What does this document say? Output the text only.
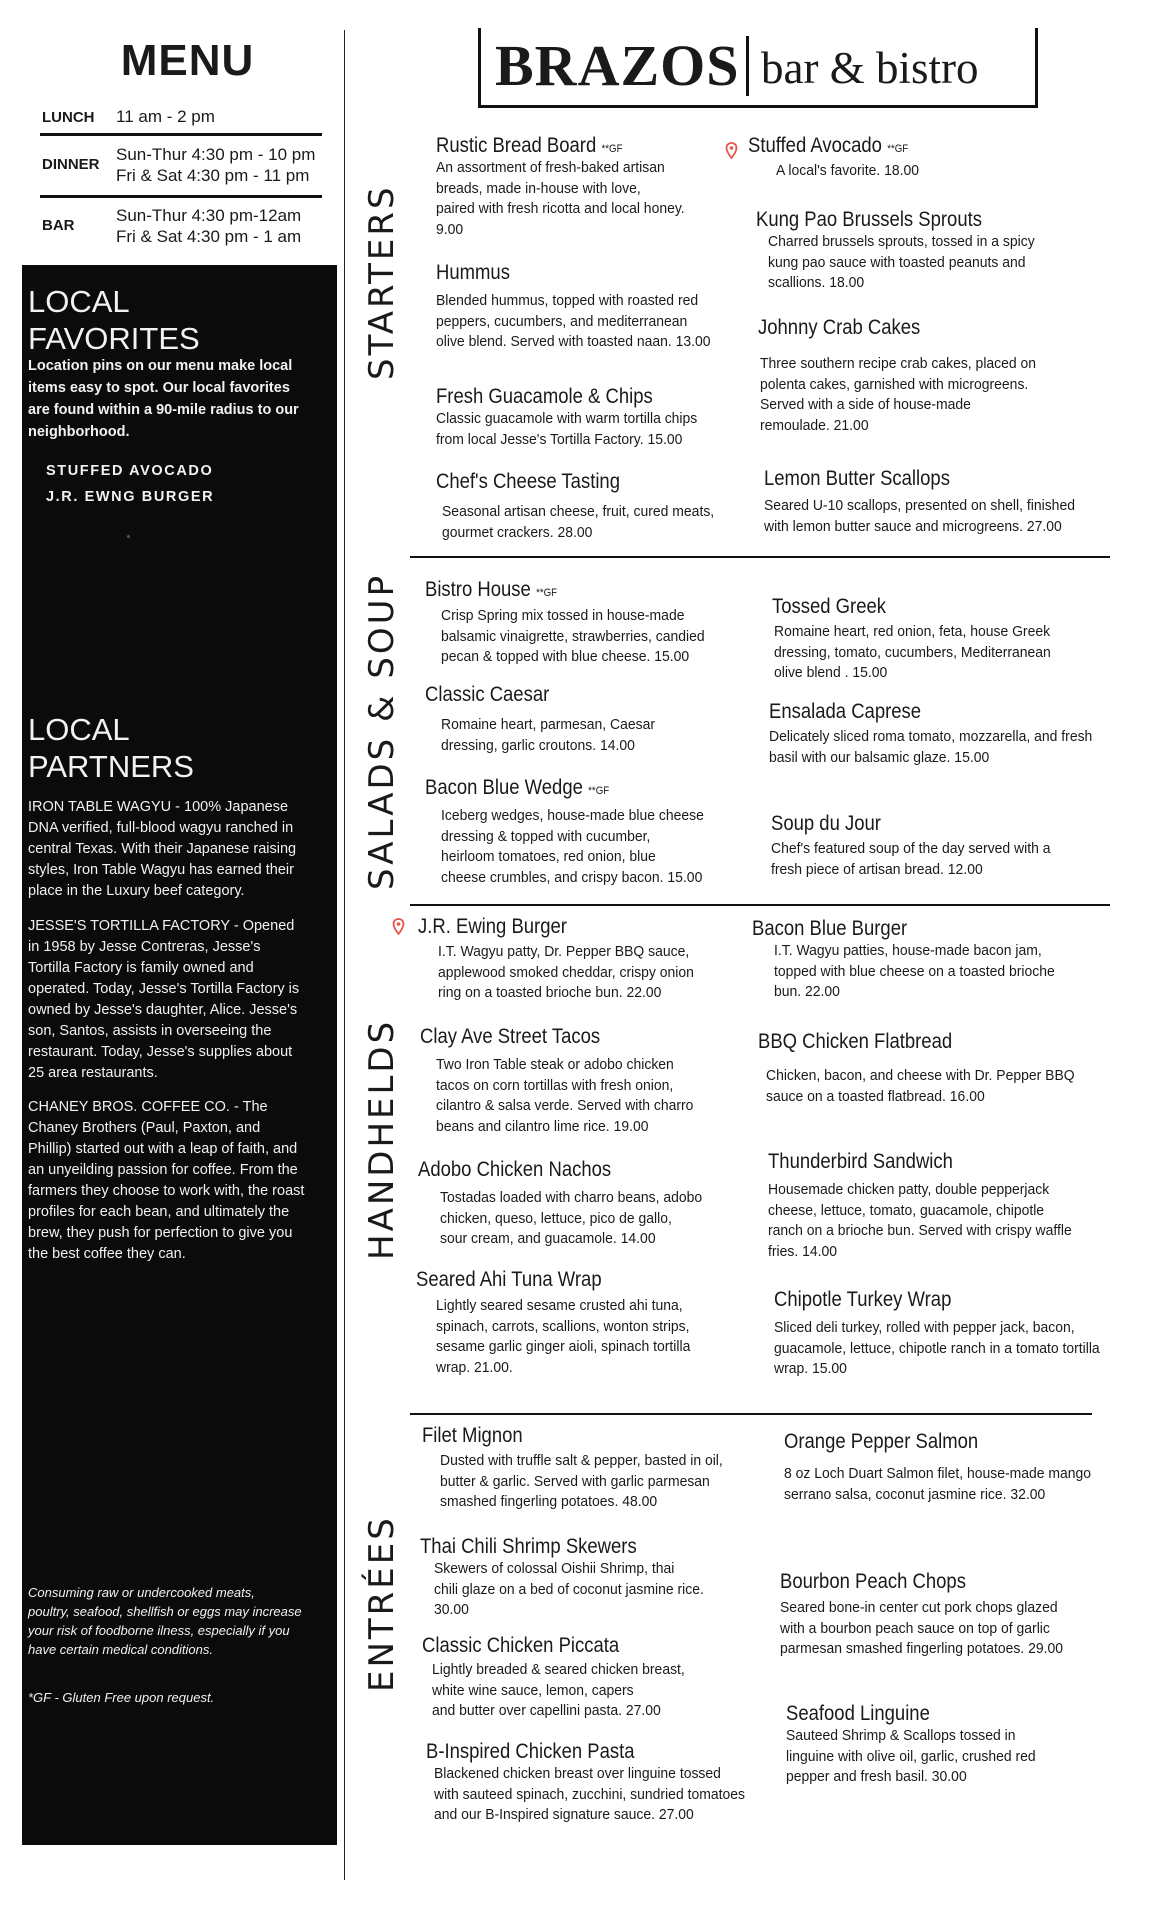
MENU
LUNCH 11 am - 2 pm
DINNER
Sun-Thur 4:30 pm - 10 pm
Fri & Sat 4:30 pm - 11 pm
BAR
Sun-Thur 4:30 pm-12am
Fri & Sat 4:30 pm - 1 am
LOCAL
FAVORITES
Location pins on our menu make local
items easy to spot. Our local favorites
are found within a 90-mile radius to our
neighborhood.
STUFFED AVOCADO
J.R. EWNG BURGER
LOCAL
PARTNERS
IRON TABLE WAGYU - 100% Japanese
DNA verified, full-blood wagyu ranched in
central Texas. With their Japanese raising
styles, Iron Table Wagyu has earned their
place in the Luxury beef category.
JESSE'S TORTILLA FACTORY - Opened
in 1958 by Jesse Contreras, Jesse's
Tortilla Factory is family owned and
operated. Today, Jesse's Tortilla Factory is
owned by Jesse's daughter, Alice. Jesse's
son, Santos, assists in overseeing the
restaurant. Today, Jesse's supplies about
25 area restaurants.
CHANEY BROS. COFFEE CO. - The
Chaney Brothers (Paul, Paxton, and
Phillip) started out with a leap of faith, and
an unyeilding passion for coffee. From the
farmers they choose to work with, the roast
profiles for each bean, and ultimately the
brew, they push for perfection to give you
the best coffee they can.
Consuming raw or undercooked meats,
poultry, seafood, shellfish or eggs may increase
your risk of foodborne ilness, especially if you
have certain medical conditions.
*GF - Gluten Free upon request.
BRAZOS bar & bistro
STARTERS
SALADS & SOUP
HANDHELDS
ENTRÉES
Rustic Bread Board **GF
An assortment of fresh-baked artisan
breads, made in-house with love,
paired with fresh ricotta and local honey.
9.00
Hummus
Blended hummus, topped with roasted red
peppers, cucumbers, and mediterranean
olive blend. Served with toasted naan. 13.00
Fresh Guacamole & Chips
Classic guacamole with warm tortilla chips
from local Jesse's Tortilla Factory. 15.00
Chef's Cheese Tasting
Seasonal artisan cheese, fruit, cured meats,
gourmet crackers. 28.00
Stuffed Avocado **GF
A local's favorite. 18.00
Kung Pao Brussels Sprouts
Charred brussels sprouts, tossed in a spicy
kung pao sauce with toasted peanuts and
scallions. 18.00
Johnny Crab Cakes
Three southern recipe crab cakes, placed on
polenta cakes, garnished with microgreens.
Served with a side of house-made
remoulade. 21.00
Lemon Butter Scallops
Seared U-10 scallops, presented on shell, finished
with lemon butter sauce and microgreens. 27.00
Bistro House **GF
Crisp Spring mix tossed in house-made
balsamic vinaigrette, strawberries, candied
pecan & topped with blue cheese. 15.00
Classic Caesar
Romaine heart, parmesan, Caesar
dressing, garlic croutons. 14.00
Bacon Blue Wedge **GF
Iceberg wedges, house-made blue cheese
dressing & topped with cucumber,
heirloom tomatoes, red onion, blue
cheese crumbles, and crispy bacon. 15.00
Tossed Greek
Romaine heart, red onion, feta, house Greek
dressing, tomato, cucumbers, Mediterranean
olive blend . 15.00
Ensalada Caprese
Delicately sliced roma tomato, mozzarella, and fresh
basil with our balsamic glaze. 15.00
Soup du Jour
Chef's featured soup of the day served with a
fresh piece of artisan bread. 12.00
J.R. Ewing Burger
I.T. Wagyu patty, Dr. Pepper BBQ sauce,
applewood smoked cheddar, crispy onion
ring on a toasted brioche bun. 22.00
Clay Ave Street Tacos
Two Iron Table steak or adobo chicken
tacos on corn tortillas with fresh onion,
cilantro & salsa verde. Served with charro
beans and cilantro lime rice. 19.00
Adobo Chicken Nachos
Tostadas loaded with charro beans, adobo
chicken, queso, lettuce, pico de gallo,
sour cream, and guacamole. 14.00
Seared Ahi Tuna Wrap
Lightly seared sesame crusted ahi tuna,
spinach, carrots, scallions, wonton strips,
sesame garlic ginger aioli, spinach tortilla
wrap. 21.00.
Bacon Blue Burger
I.T. Wagyu patties, house-made bacon jam,
topped with blue cheese on a toasted brioche
bun. 22.00
BBQ Chicken Flatbread
Chicken, bacon, and cheese with Dr. Pepper BBQ
sauce on a toasted flatbread. 16.00
Thunderbird Sandwich
Housemade chicken patty, double pepperjack
cheese, lettuce, tomato, guacamole, chipotle
ranch on a brioche bun. Served with crispy waffle
fries. 14.00
Chipotle Turkey Wrap
Sliced deli turkey, rolled with pepper jack, bacon,
guacamole, lettuce, chipotle ranch in a tomato tortilla
wrap. 15.00
Filet Mignon
Dusted with truffle salt & pepper, basted in oil,
butter & garlic. Served with garlic parmesan
smashed fingerling potatoes. 48.00
Thai Chili Shrimp Skewers
Skewers of colossal Oishii Shrimp, thai
chili glaze on a bed of coconut jasmine rice.
30.00
Classic Chicken Piccata
Lightly breaded & seared chicken breast,
white wine sauce, lemon, capers
and butter over capellini pasta. 27.00
B-Inspired Chicken Pasta
Blackened chicken breast over linguine tossed
with sauteed spinach, zucchini, sundried tomatoes
and our B-Inspired signature sauce. 27.00
Orange Pepper Salmon
8 oz Loch Duart Salmon filet, house-made mango
serrano salsa, coconut jasmine rice. 32.00
Bourbon Peach Chops
Seared bone-in center cut pork chops glazed
with a bourbon peach sauce on top of garlic
parmesan smashed fingerling potatoes. 29.00
Seafood Linguine
Sauteed Shrimp & Scallops tossed in
linguine with olive oil, garlic, crushed red
pepper and fresh basil. 30.00
